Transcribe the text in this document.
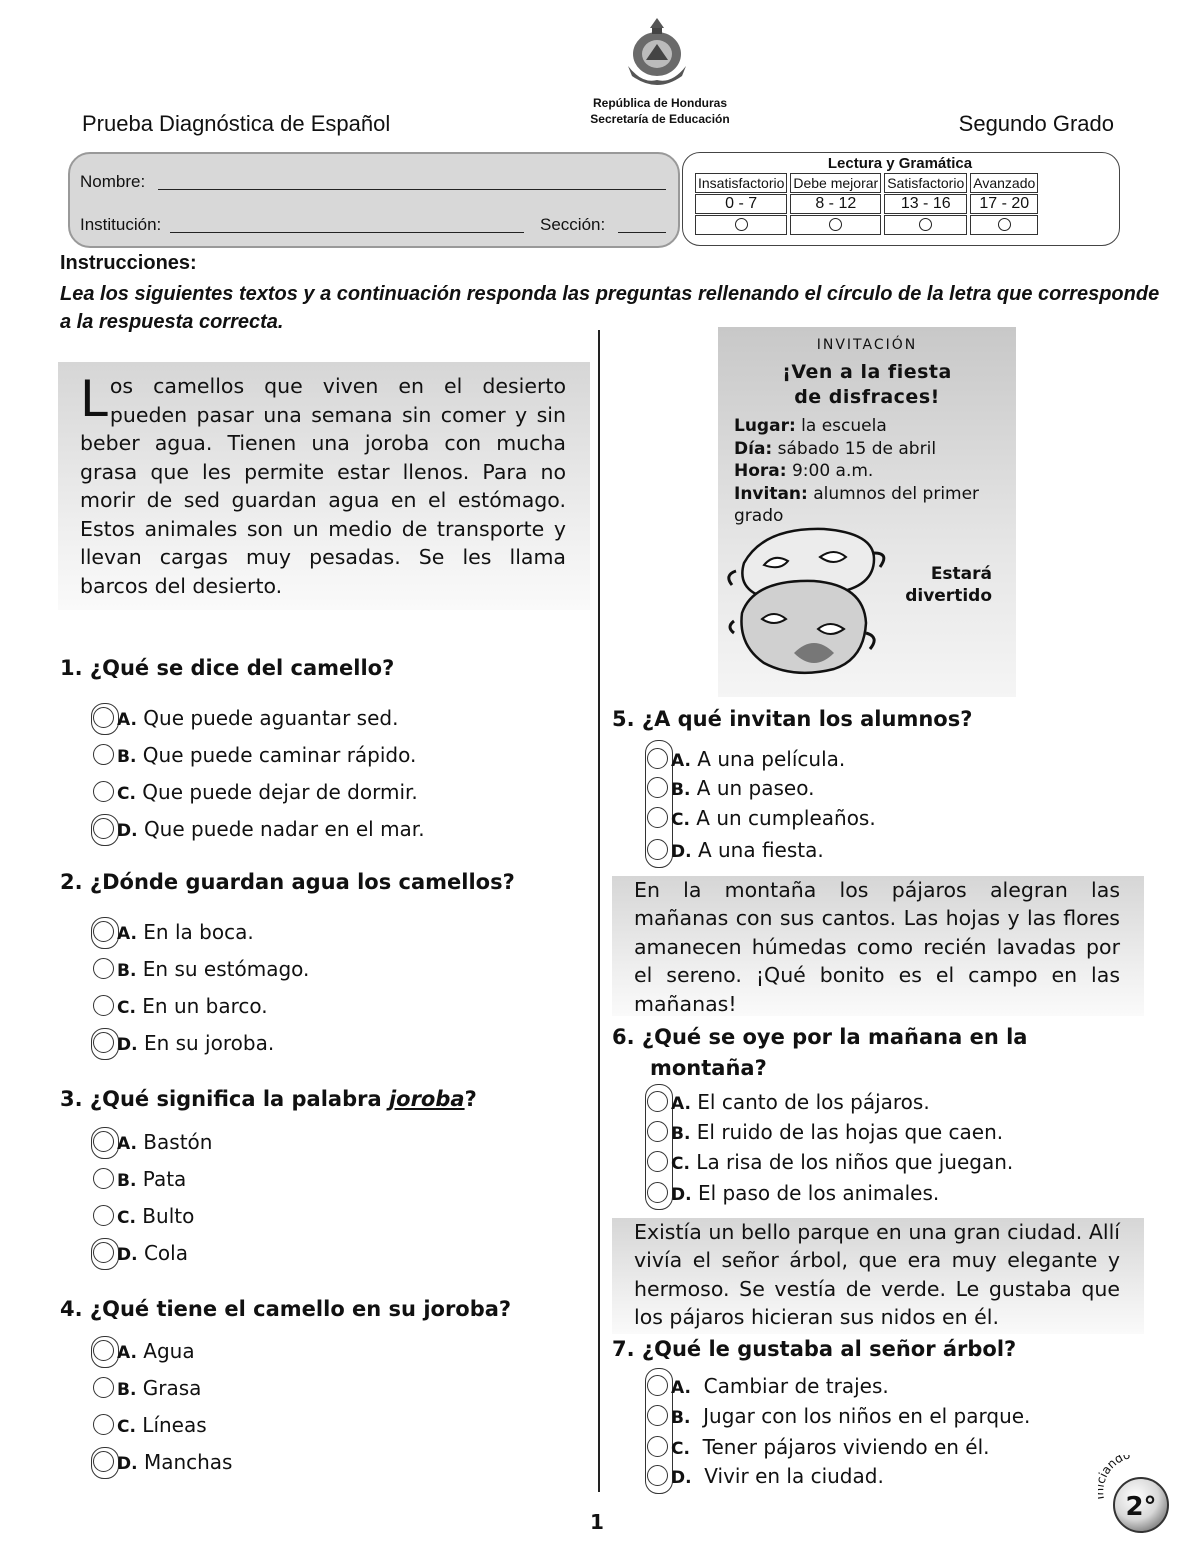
Prueba Diagnóstica de Español
República de Honduras
Secretaría de Educación	Segundo Grado
Nombre:
Institución:	Sección:
Lectura y Gramática
Insatisfactorio	Debe mejorar	Satisfactorio	Avanzado
0 - 7	8 - 12	13 - 16	17 - 20

Instrucciones:
Lea los siguientes textos y a continuación responda las preguntas rellenando el círculo de la letra que corresponde a la respuesta correcta.
Los camellos que viven en el desierto pueden pasar una semana sin comer y sin beber agua. Tienen una joroba con mucha grasa que les permite estar llenos. Para no morir de sed guardan agua en el estómago. Estos animales son un medio de transporte y llevan cargas muy pesadas. Se les llama barcos del desierto.
INVITACIÓN
¡Ven a la fiesta
de disfraces!
Lugar: la escuela
Día: sábado 15 de abril
Hora: 9:00 a.m.
Invitan: alumnos del primer grado
Estará
divertido
En la montaña los pájaros alegran las mañanas con sus cantos. Las hojas y las flores amanecen húmedas como recién lavadas por el sereno. ¡Qué bonito es el campo en las mañanas!
Existía un bello parque en una gran ciudad. Allí vivía el señor árbol, que era muy elegante y hermoso. Se vestía de verde. Le gustaba que los pájaros hicieran sus nidos en él.
1. ¿Qué se dice del camello?
A. Que puede aguantar sed.
B. Que puede caminar rápido.
C. Que puede dejar de dormir.
D. Que puede nadar en el mar.
2. ¿Dónde guardan agua los camellos?
A. En la boca.
B. En su estómago.
C. En un barco.
D. En su joroba.
3. ¿Qué significa la palabra joroba?
A. Bastón
B. Pata
C. Bulto
D. Cola
4. ¿Qué tiene el camello en su joroba?
A. Agua
B. Grasa
C. Líneas
D. Manchas
5. ¿A qué invitan los alumnos?
A. A una película.
B. A un paseo.
C. A un cumpleaños.
D. A una fiesta.
6. ¿Qué se oye por la mañana en la
montaña?
A. El canto de los pájaros.
B. El ruido de las hojas que caen.
C. La risa de los niños que juegan.
D. El paso de los animales.
7. ¿Qué le gustaba al señor árbol?
A. Cambiar de trajes.
B. Jugar con los niños en el parque.
C. Tener pájaros viviendo en él.
D. Vivir en la ciudad.
1
ando
2°
